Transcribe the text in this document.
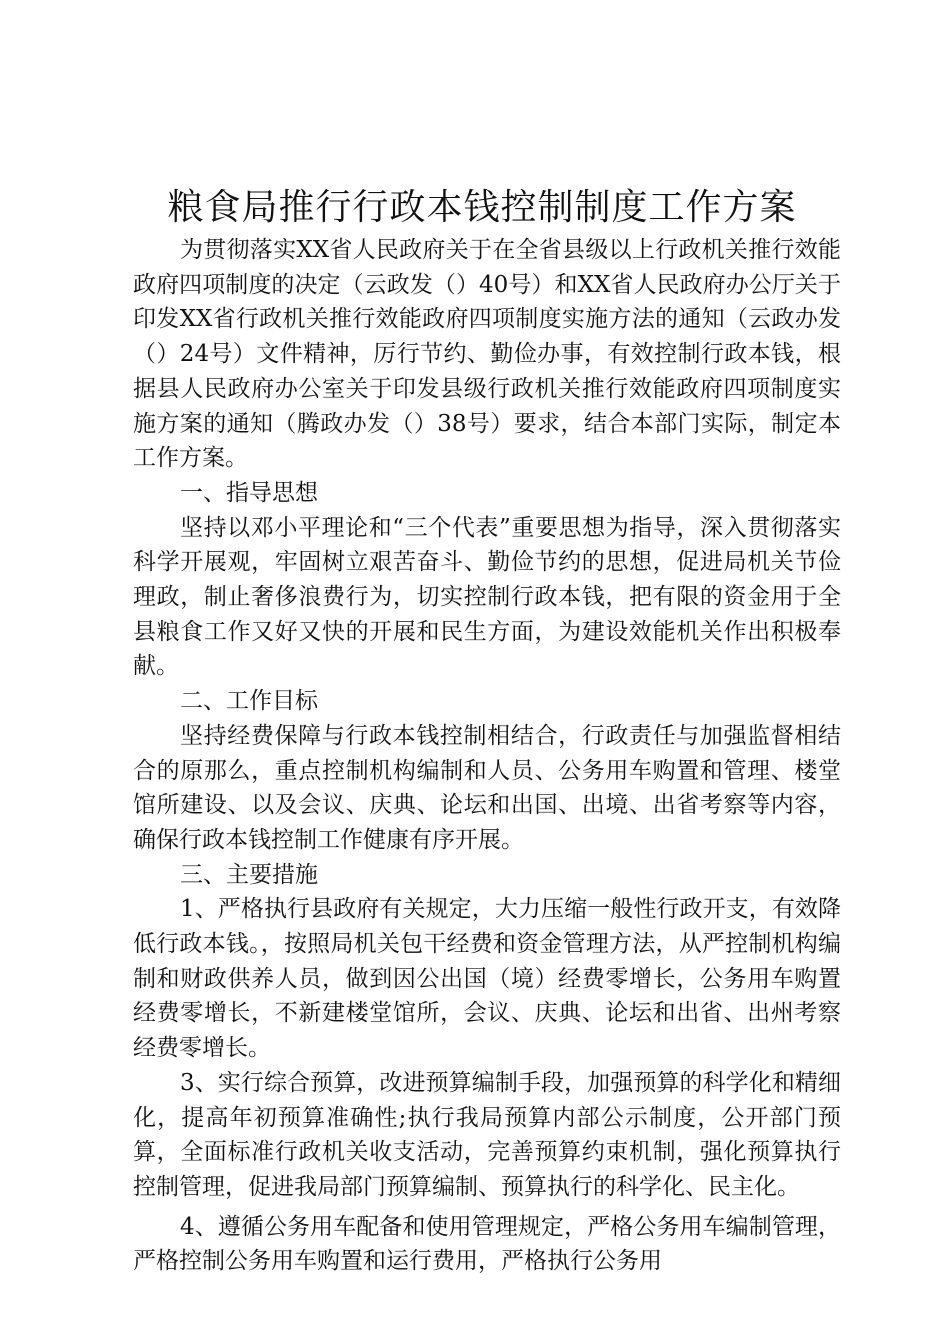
粮食局推行行政本钱控制制度工作方案

为贯彻落实XX省人民政府关于在全省县级以上行政机关推行效能政府四项制度的决定（云政发（）40号）和XX省人民政府办公厅关于印发XX省行政机关推行效能政府四项制度实施方法的通知（云政办发（）24号）文件精神，厉行节约、勤俭办事，有效控制行政本钱，根据县人民政府办公室关于印发县级行政机关推行效能政府四项制度实施方案的通知（腾政办发（）38号）要求，结合本部门实际，制定本工作方案。

一、指导思想

坚持以邓小平理论和“三个代表”重要思想为指导，深入贯彻落实科学开展观，牢固树立艰苦奋斗、勤俭节约的思想，促进局机关节俭理政，制止奢侈浪费行为，切实控制行政本钱，把有限的资金用于全县粮食工作又好又快的开展和民生方面，为建设效能机关作出积极奉献。

二、工作目标

坚持经费保障与行政本钱控制相结合，行政责任与加强监督相结合的原那么，重点控制机构编制和人员、公务用车购置和管理、楼堂馆所建设、以及会议、庆典、论坛和出国、出境、出省考察等内容，确保行政本钱控制工作健康有序开展。

三、主要措施

1、严格执行县政府有关规定，大力压缩一般性行政开支，有效降低行政本钱。，按照局机关包干经费和资金管理方法，从严控制机构编制和财政供养人员，做到因公出国（境）经费零增长，公务用车购置经费零增长，不新建楼堂馆所，会议、庆典、论坛和出省、出州考察经费零增长。

3、实行综合预算，改进预算编制手段，加强预算的科学化和精细化，提高年初预算准确性;执行我局预算内部公示制度，公开部门预算，全面标准行政机关收支活动，完善预算约束机制，强化预算执行控制管理，促进我局部门预算编制、预算执行的科学化、民主化。

4、遵循公务用车配备和使用管理规定，严格公务用车编制管理，严格控制公务用车购置和运行费用，严格执行公务用
